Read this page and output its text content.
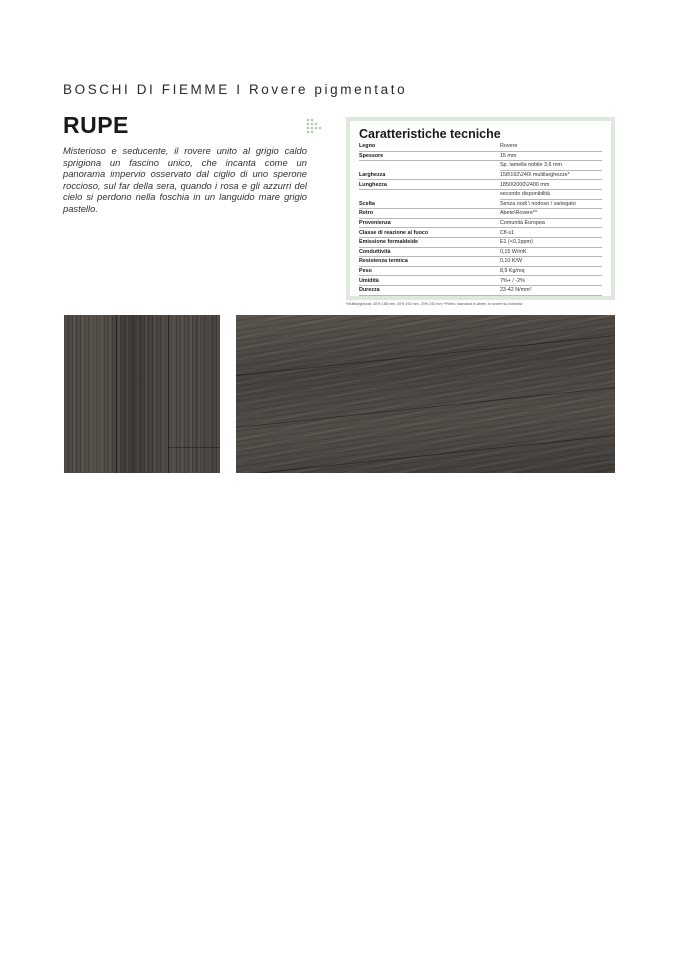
BOSCHI DI FIEMME I Rovere pigmentato
RUPE
Misterioso e seducente, il rovere unito al grigio caldo sprigiona un fascino unico, che incanta come un panorama impervio osservato dal ciglio di uno sperone roccioso, sul far della sera, quando i rosa e gli azzurri del cielo si perdono nella foschia in un languido mare grigio pastello.
Caratteristiche tecniche
Legno	Rovere
Spessore	15 mm
	Sp. lamella nobile 3,6 mm
Larghezza	158\192\240\ multilarghezze*
Lunghezza	1850\2000\2400 mm
	secondo disponibilità
Scelta	Senza nodi \ nodoso \ variegato
Retro	Abete\Rovere**
Provenienza	Comunità Europea
Classe di reazione al fuoco	Cfl-s1
Emissione formaldeide	E1 (<0,1ppm)
Conduttività	0,15 W/mK
Resistenza termica	0,10 K/W
Peso	8,9 Kg/mq
Umidità	7%+ / -2%
Durezza	23-42 N/mm²
*Multilarghezza: 40% 158 mm, 40% 192 mm, 20% 240 mm **Retro: standard in abete, in rovere su richiesta
